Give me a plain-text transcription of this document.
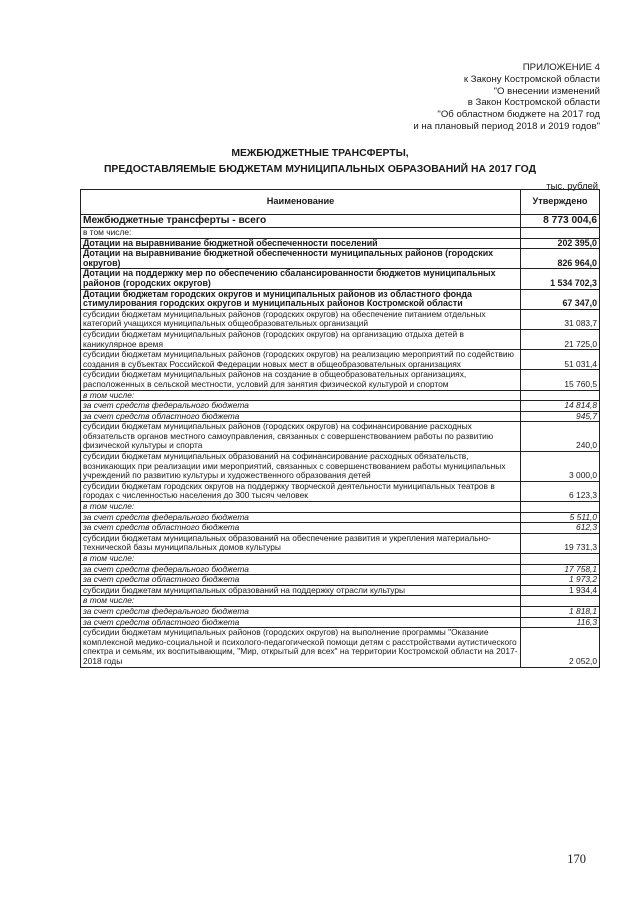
ПРИЛОЖЕНИЕ 4
к Закону Костромской области
"О внесении изменений
в Закон Костромской области
"Об областном бюджете на 2017 год
и на плановый период 2018 и 2019 годов"
МЕЖБЮДЖЕТНЫЕ ТРАНСФЕРТЫ,
ПРЕДОСТАВЛЯЕМЫЕ БЮДЖЕТАМ МУНИЦИПАЛЬНЫХ ОБРАЗОВАНИЙ НА 2017 ГОД
тыс. рублей
Наименование	Утверждено
Межбюджетные трансферты - всего	8 773 004,6
в том числе:	
Дотации на выравнивание бюджетной обеспеченности поселений	202 395,0
Дотации на выравнивание бюджетной обеспеченности муниципальных районов (городских округов)	826 964,0
Дотации на поддержку мер по обеспечению сбалансированности бюджетов муниципальных районов (городских округов)	1 534 702,3
Дотации бюджетам городских округов и муниципальных районов из областного фонда стимулирования городских округов и муниципальных районов Костромской области	67 347,0
субсидии бюджетам муниципальных районов (городских округов) на обеспечение питанием отдельных категорий учащихся муниципальных общеобразовательных организаций	31 083,7
субсидии бюджетам муниципальных районов (городских округов) на организацию отдыха детей в каникулярное время	21 725,0
субсидии бюджетам муниципальных районов (городских округов) на реализацию мероприятий по содействию создания в субъектах Российской Федерации новых мест в общеобразовательных организациях	51 031,4
субсидии бюджетам муниципальных районов на создание в общеобразовательных организациях, расположенных в сельской местности, условий для занятия физической культурой и спортом	15 760,5
в том числе:	
за счет средств федерального бюджета	14 814,8
за счет средств областного бюджета	945,7
субсидии бюджетам муниципальных районов (городских округов) на софинансирование расходных обязательств органов местного самоуправления, связанных с совершенствованием работы по развитию физической культуры и спорта	240,0
субсидии бюджетам муниципальных образований на софинансирование расходных обязательств, возникающих при реализации ими мероприятий, связанных с совершенствованием работы муниципальных учреждений по развитию культуры и художественного образования детей	3 000,0
субсидии бюджетам городских округов на поддержку творческой деятельности муниципальных театров в городах с численностью населения до 300 тысяч человек	6 123,3
в том числе:	
за счет средств федерального бюджета	5 511,0
за счет средств областного бюджета	612,3
субсидии бюджетам муниципальных образований на обеспечение развития и укрепления материально-технической базы муниципальных домов культуры	19 731,3
в том числе:	
за счет средств федерального бюджета	17 758,1
за счет средств областного бюджета	1 973,2
субсидии бюджетам муниципальных образований на поддержку отрасли культуры	1 934,4
в том числе:	
за счет средств федерального бюджета	1 818,1
за счет средств областного бюджета	116,3
субсидии бюджетам муниципальных районов (городских округов) на выполнение программы "Оказание комплексной медико-социальной и психолого-педагогической помощи детям с расстройствами аутистического спектра и семьям, их воспитывающим, "Мир, открытый для всех" на территории Костромской области на 2017-2018 годы	2 052,0
170
